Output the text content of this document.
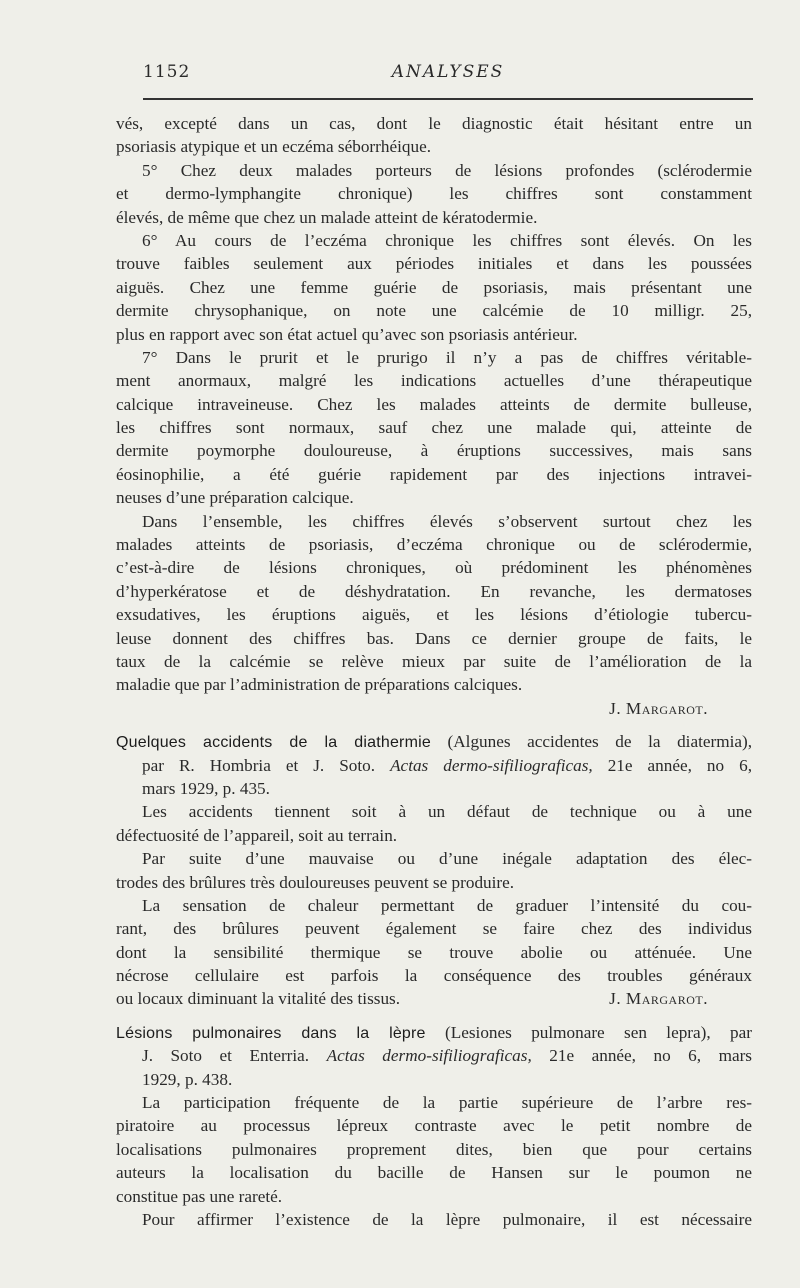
1152	ANALYSES
vés, excepté dans un cas, dont le diagnostic était hésitant entre un
psoriasis atypique et un eczéma séborrhéique.
5° Chez deux malades porteurs de lésions profondes (sclérodermie
et dermo-lymphangite chronique) les chiffres sont constamment
élevés, de même que chez un malade atteint de kératodermie.
6° Au cours de l’eczéma chronique les chiffres sont élevés. On les
trouve faibles seulement aux périodes initiales et dans les poussées
aiguës. Chez une femme guérie de psoriasis, mais présentant une
dermite chrysophanique, on note une calcémie de 10 milligr. 25,
plus en rapport avec son état actuel qu’avec son psoriasis antérieur.
7° Dans le prurit et le prurigo il n’y a pas de chiffres véritable-
ment anormaux, malgré les indications actuelles d’une thérapeutique
calcique intraveineuse. Chez les malades atteints de dermite bulleuse,
les chiffres sont normaux, sauf chez une malade qui, atteinte de
dermite poymorphe douloureuse, à éruptions successives, mais sans
éosinophilie, a été guérie rapidement par des injections intravei-
neuses d’une préparation calcique.
Dans l’ensemble, les chiffres élevés s’observent surtout chez les
malades atteints de psoriasis, d’eczéma chronique ou de sclérodermie,
c’est-à-dire de lésions chroniques, où prédominent les phénomènes
d’hyperkératose et de déshydratation. En revanche, les dermatoses
exsudatives, les éruptions aiguës, et les lésions d’étiologie tubercu-
leuse donnent des chiffres bas. Dans ce dernier groupe de faits, le
taux de la calcémie se relève mieux par suite de l’amélioration de la
maladie que par l’administration de préparations calciques.
J. Margarot.
Quelques accidents de la diathermie (Algunes accidentes de la diatermia),
par R. Hombria et J. Soto. Actas dermo-sifiliograficas, 21e année, no 6,
mars 1929, p. 435.
Les accidents tiennent soit à un défaut de technique ou à une
défectuosité de l’appareil, soit au terrain.
Par suite d’une mauvaise ou d’une inégale adaptation des élec-
trodes des brûlures très douloureuses peuvent se produire.
La sensation de chaleur permettant de graduer l’intensité du cou-
rant, des brûlures peuvent également se faire chez des individus
dont la sensibilité thermique se trouve abolie ou atténuée. Une
nécrose cellulaire est parfois la conséquence des troubles généraux
ou locaux diminuant la vitalité des tissus.	J. Margarot.
Lésions pulmonaires dans la lèpre (Lesiones pulmonare sen lepra), par
J. Soto et Enterria. Actas dermo-sifiliograficas, 21e année, no 6, mars
1929, p. 438.
La participation fréquente de la partie supérieure de l’arbre res-
piratoire au processus lépreux contraste avec le petit nombre de
localisations pulmonaires proprement dites, bien que pour certains
auteurs la localisation du bacille de Hansen sur le poumon ne
constitue pas une rareté.
Pour affirmer l’existence de la lèpre pulmonaire, il est nécessaire
